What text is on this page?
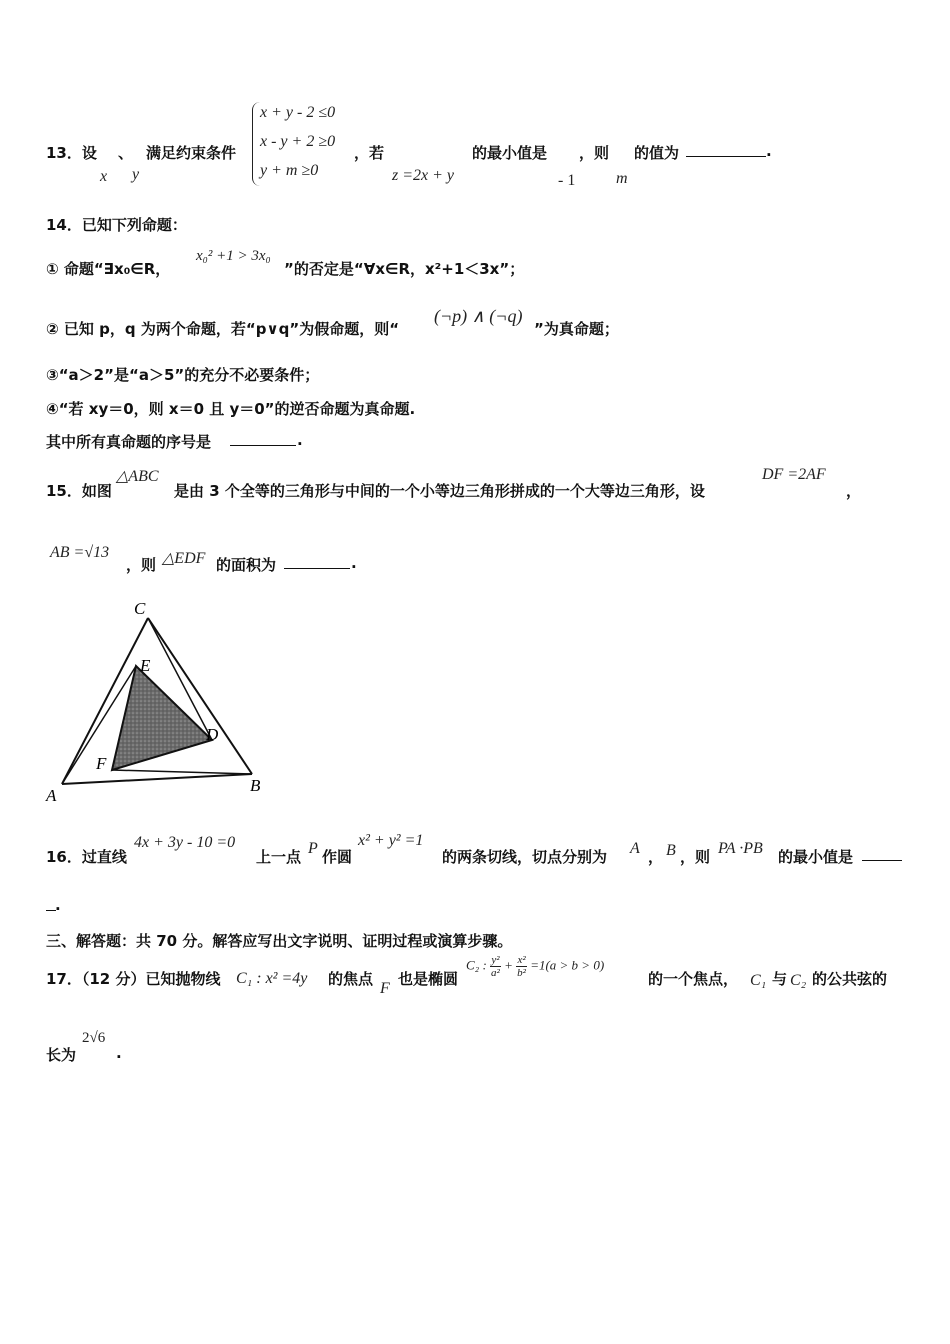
13．设 、 满足约束条件
x y
x + y - 2 ≤0
x - y + 2 ≥0
y + m ≥0
，若
z =2x + y
的最小值是
- 1
，则
m
的值为	.
14．已知下列命题：
① 命题“∃x₀∈R，
x₀² +1 > 3x₀
”的否定是“∀x∈R，x²+1＜3x”；
② 已知 p，q 为两个命题，若“p∨q”为假命题，则“
(¬p) ∧ (¬q)
”为真命题；
③“a＞2”是“a＞5”的充分不必要条件；
④“若 xy＝0，则 x＝0 且 y＝0”的逆否命题为真命题.
其中所有真命题的序号是	.
15．如图
△ABC
是由 3 个全等的三角形与中间的一个小等边三角形拼成的一个大等边三角形，设
DF =2AF
，
AB =√13
，则 △EDF 的面积为	.
C
E
D
F
A
B
16．过直线
4x + 3y - 10 =0
上一点 P 作圆
x² + y² =1
的两条切线，切点分别为 A ， B ，则 PA ·PB 的最小值是
.
三、解答题：共 70 分。解答应写出文字说明、证明过程或演算步骤。
17．（12 分）已知抛物线 C₁ : x² =4y 的焦点
F
也是椭圆
C₂ : $\frac{\text{y²}}{\text{a²}} + \frac{\text{x²}}{\text{b²}} =1(a > b > 0)$
的一个焦点， C₁ 与 C₂ 的公共弦的
长为
2√6
.
